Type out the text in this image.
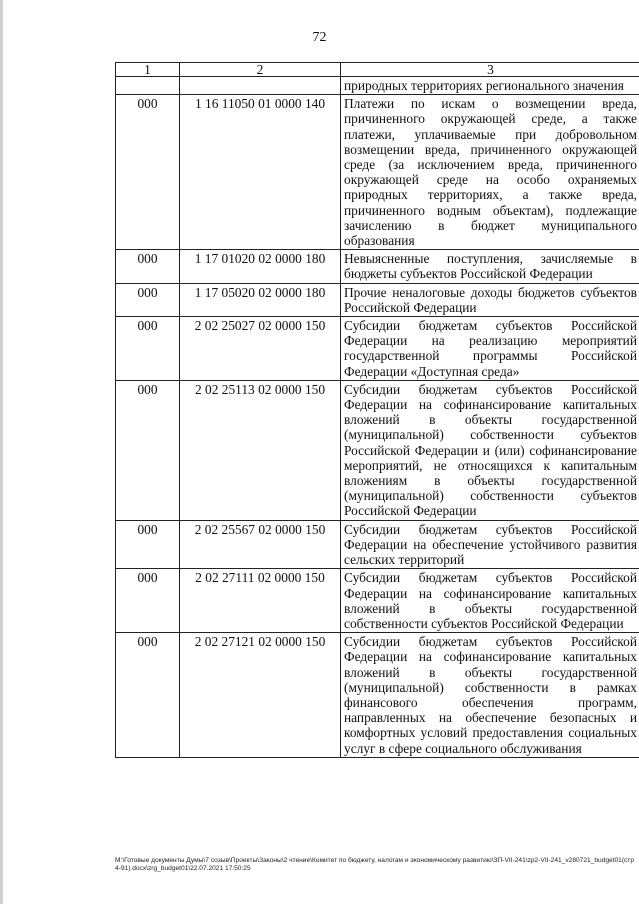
72
1	2	3
		природных территориях регионального значения
000	1 16 11050 01 0000 140	Платежи по искам о возмещении вреда, причиненного окружающей среде, а также платежи, уплачиваемые при добровольном возмещении вреда, причиненного окружающей среде (за исключением вреда, причиненного окружающей среде на особо охраняемых природных территориях, а также вреда, причиненного водным объектам), подлежащие зачислению в бюджет муниципального образования
000	1 17 01020 02 0000 180	Невыясненные поступления, зачисляемые в бюджеты субъектов Российской Федерации
000	1 17 05020 02 0000 180	Прочие неналоговые доходы бюджетов субъектов Российской Федерации
000	2 02 25027 02 0000 150	Субсидии бюджетам субъектов Российской Федерации на реализацию мероприятий государственной программы Российской Федерации «Доступная среда»
000	2 02 25113 02 0000 150	Субсидии бюджетам субъектов Российской Федерации на софинансирование капитальных вложений в объекты государственной (муниципальной) собственности субъектов Российской Федерации и (или) софинансирование мероприятий, не относящихся к капитальным вложениям в объекты государственной (муниципальной) собственности субъектов Российской Федерации
000	2 02 25567 02 0000 150	Субсидии бюджетам субъектов Российской Федерации на обеспечение устойчивого развития сельских территорий
000	2 02 27111 02 0000 150	Субсидии бюджетам субъектов Российской Федерации на софинансирование капитальных вложений в объекты государственной собственности субъектов Российской Федерации
000	2 02 27121 02 0000 150	Субсидии бюджетам субъектов Российской Федерации на софинансирование капитальных вложений в объекты государственной (муниципальной) собственности в рамках финансового обеспечения программ, направленных на обеспечение безопасных и комфортных условий предоставления социальных услуг в сфере социального обслуживания
M:\Готовые документы Думы\7 созыв\Проекты\Законы\2 чтение\Комитет по бюджету, налогам и экономическому развитию\ЗП-VII-241\zp2-VII-241_v280721_budget01(стр4-91).docx\zrg_budget01\22.07.2021 17:50:25
